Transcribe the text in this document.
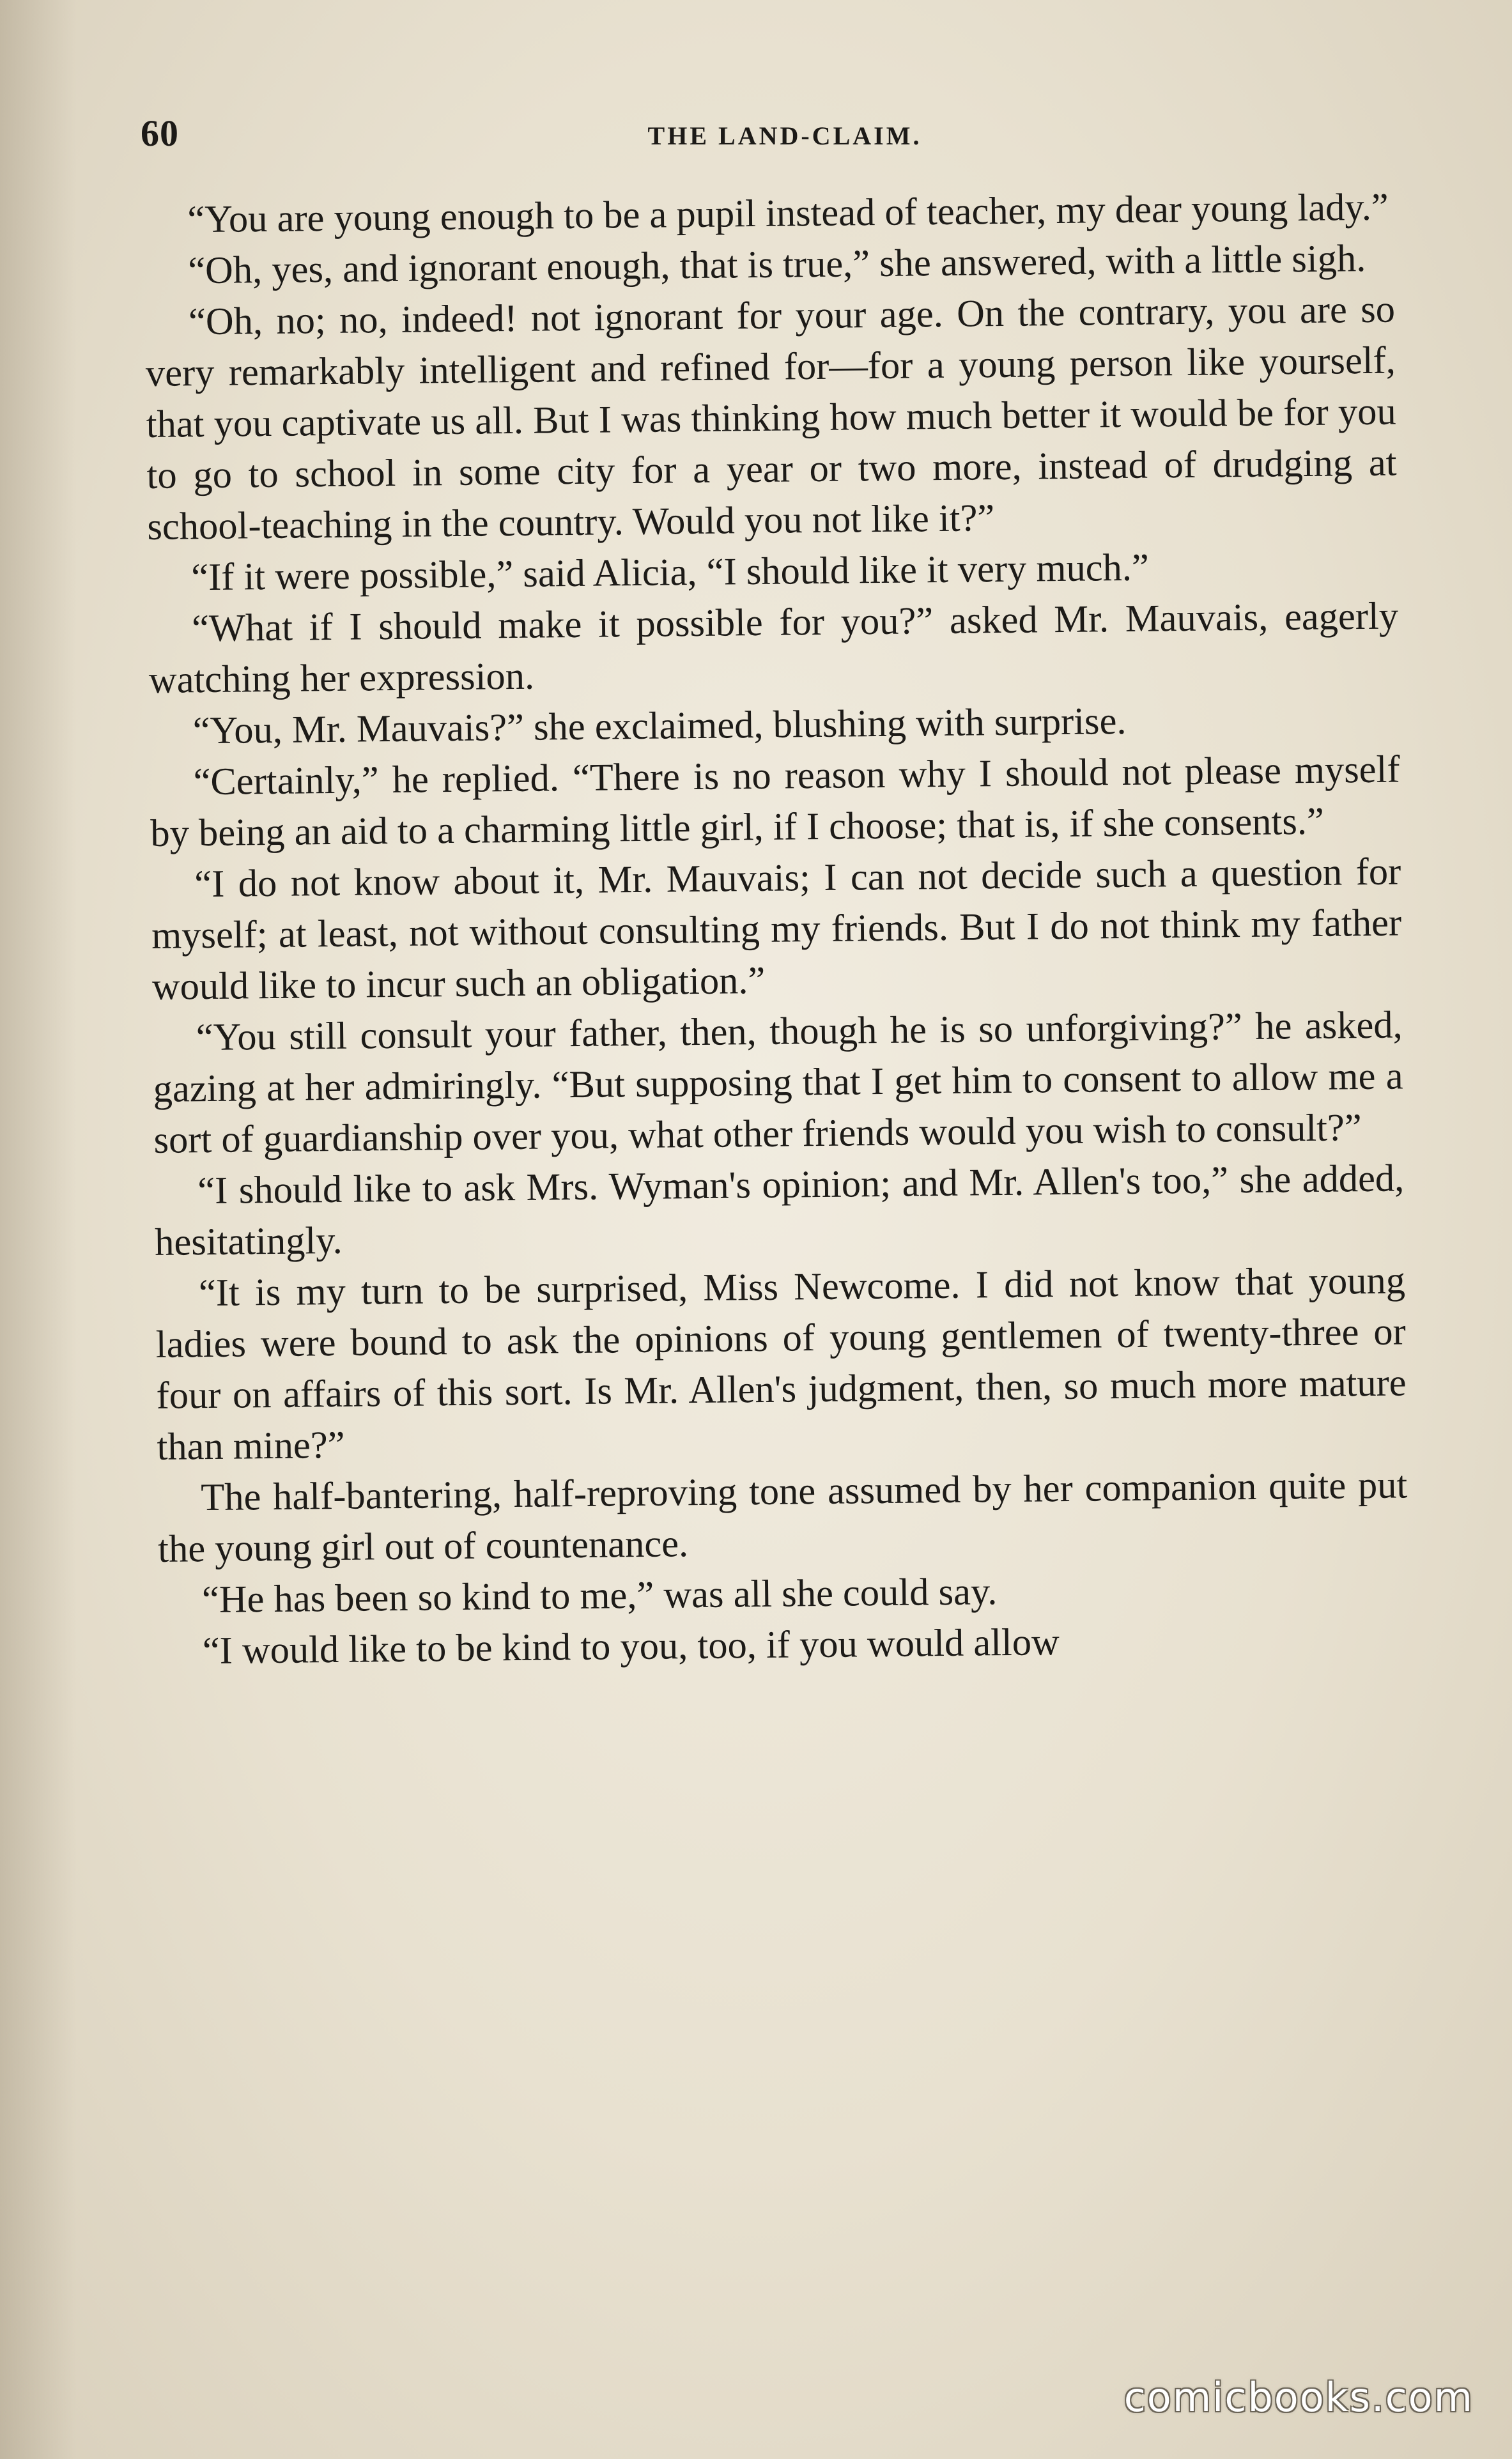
60	THE LAND-CLAIM.

“You are young enough to be a pupil instead of teacher, my dear young lady.”

“Oh, yes, and ignorant enough, that is true,” she answered, with a little sigh.

“Oh, no; no, indeed! not ignorant for your age. On the contrary, you are so very remarkably intelligent and refined for—for a young person like yourself, that you captivate us all. But I was thinking how much better it would be for you to go to school in some city for a year or two more, instead of drudging at school-teaching in the country. Would you not like it?”

“If it were possible,” said Alicia, “I should like it very much.”

“What if I should make it possible for you?” asked Mr. Mauvais, eagerly watching her expression.

“You, Mr. Mauvais?” she exclaimed, blushing with surprise.

“Certainly,” he replied. “There is no reason why I should not please myself by being an aid to a charming little girl, if I choose; that is, if she consents.”

“I do not know about it, Mr. Mauvais; I can not decide such a question for myself; at least, not without consulting my friends. But I do not think my father would like to incur such an obligation.”

“You still consult your father, then, though he is so unforgiving?” he asked, gazing at her admiringly. “But supposing that I get him to consent to allow me a sort of guardianship over you, what other friends would you wish to consult?”

“I should like to ask Mrs. Wyman's opinion; and Mr. Allen's too,” she added, hesitatingly.

“It is my turn to be surprised, Miss Newcome. I did not know that young ladies were bound to ask the opinions of young gentlemen of twenty-three or four on affairs of this sort. Is Mr. Allen's judgment, then, so much more mature than mine?”

The half-bantering, half-reproving tone assumed by her companion quite put the young girl out of countenance.

“He has been so kind to me,” was all she could say.

“I would like to be kind to you, too, if you would allow

comicbooks.com
